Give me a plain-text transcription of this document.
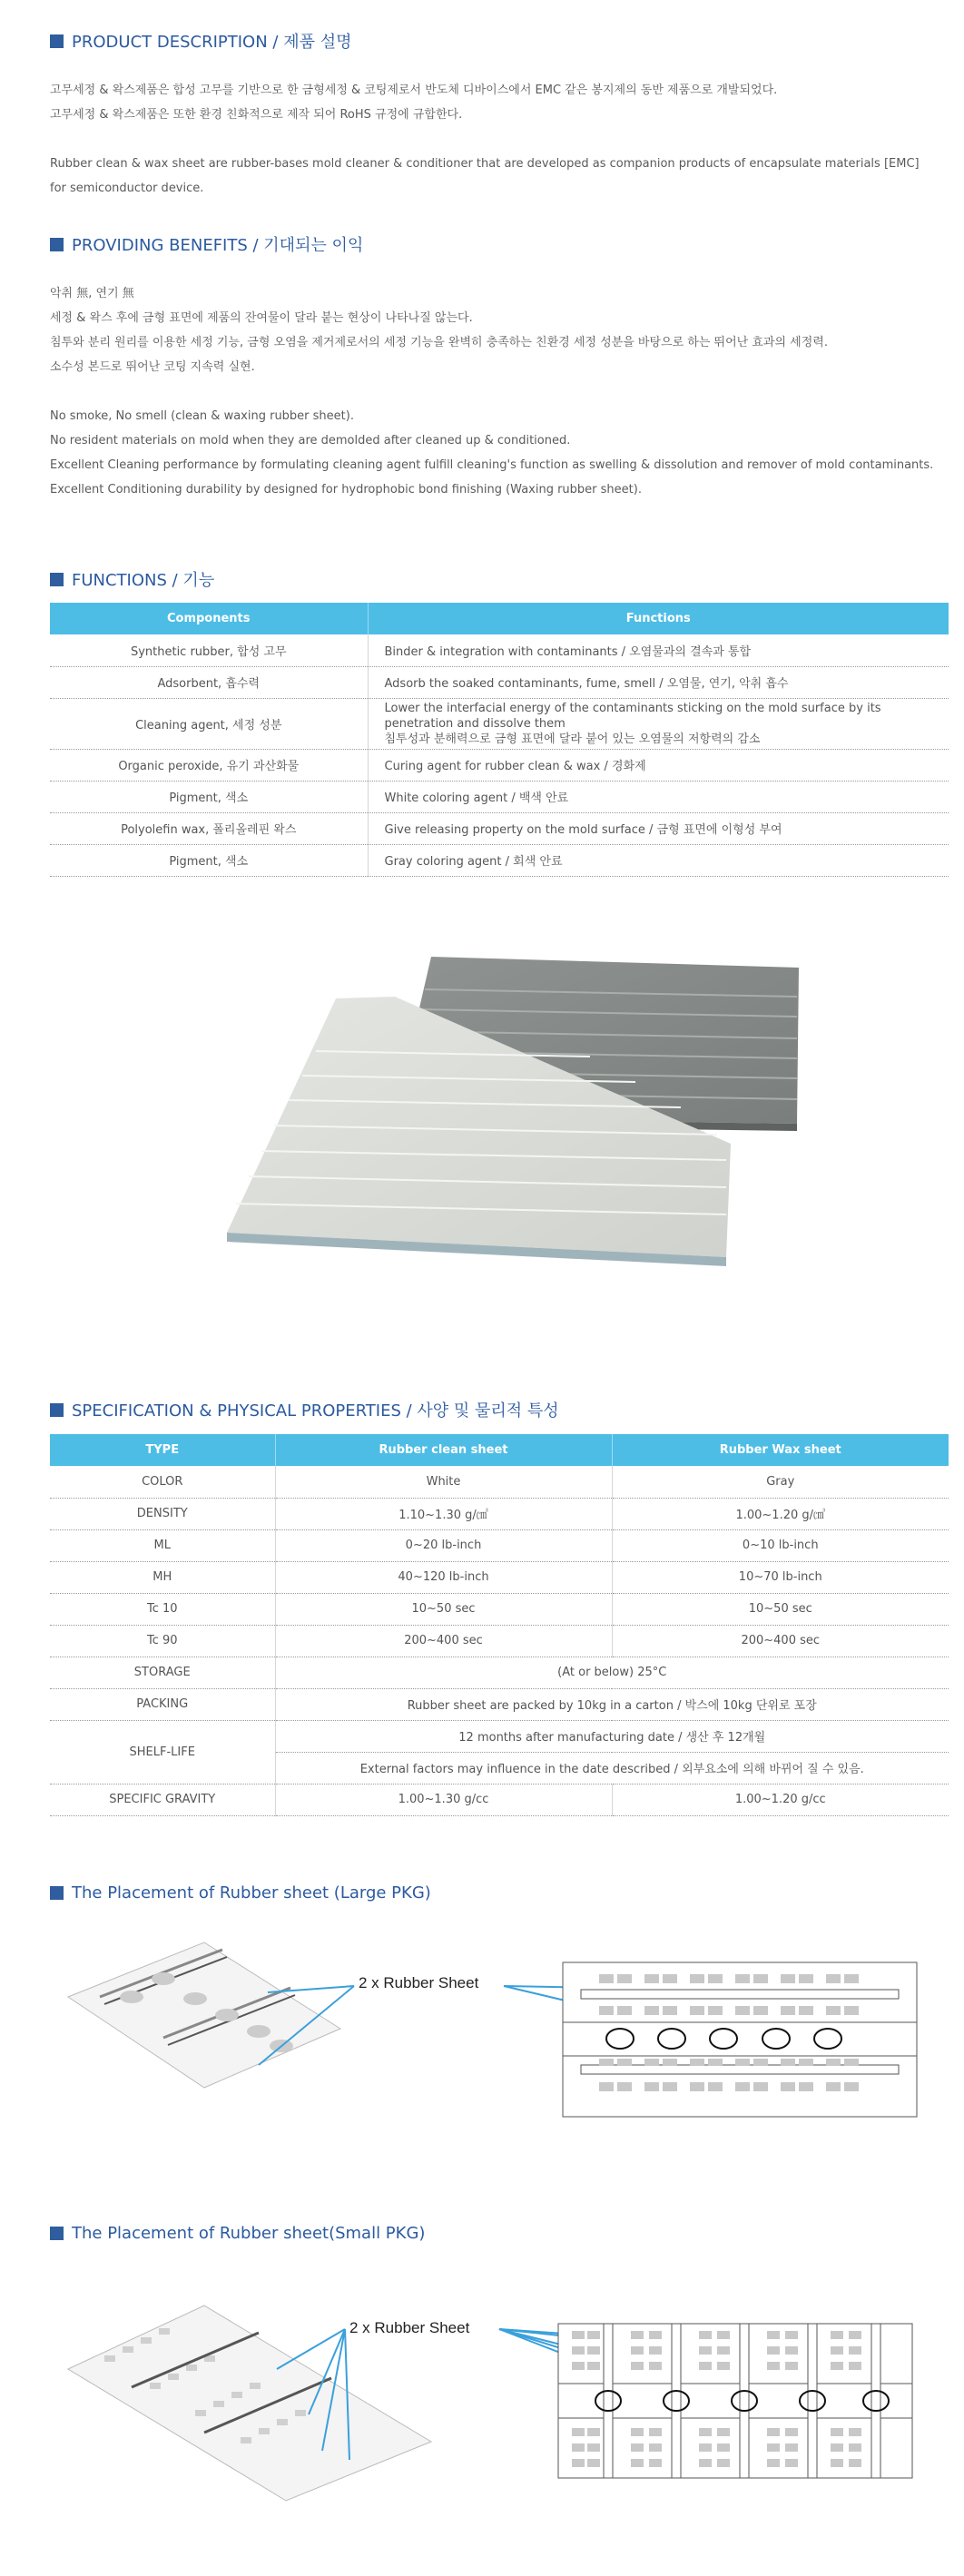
PRODUCT DESCRIPTION / 제품 설명
고무세정 & 왁스제품은 합성 고무를 기반으로 한 금형세정 & 코팅제로서 반도체 디바이스에서 EMC 같은 봉지제의 동반 제품으로 개발되었다.
고무세정 & 왁스제품은 또한 환경 친화적으로 제작 되어 RoHS 규정에 규합한다.
Rubber clean & wax sheet are rubber-bases mold cleaner & conditioner that are developed as companion products of encapsulate materials [EMC]
for semiconductor device.
PROVIDING BENEFITS / 기대되는 이익
악취 無, 연기 無
세정 & 왁스 후에 금형 표면에 제품의 잔여물이 달라 붙는 현상이 나타나질 않는다.
침투와 분리 원리를 이용한 세정 기능, 금형 오염을 제거제로서의 세정 기능을 완벽히 충족하는 친환경 세정 성분을 바탕으로 하는 뛰어난 효과의 세정력.
소수성 본드로 뛰어난 코팅 지속력 실현.
No smoke, No smell (clean & waxing rubber sheet).
No resident materials on mold when they are demolded after cleaned up & conditioned.
Excellent Cleaning performance by formulating cleaning agent fulfill cleaning's function as swelling & dissolution and remover of mold contaminants.
Excellent Conditioning durability by designed for hydrophobic bond finishing (Waxing rubber sheet).
FUNCTIONS / 기능
Components	Functions
Synthetic rubber, 합성 고무	Binder & integration with contaminants / 오염물과의 결속과 통합
Adsorbent, 흡수력	Adsorb the soaked contaminants, fume, smell / 오염물, 연기, 악취 흡수
Cleaning agent, 세정 성분	Lower the interfacial energy of the contaminants sticking on the mold surface by its
penetration and dissolve them
침투성과 분해력으로 금형 표면에 달라 붙어 있는 오염물의 저항력의 감소

Organic peroxide, 유기 과산화물	Curing agent for rubber clean & wax / 경화제
Pigment, 색소	White coloring agent / 백색 안료
Polyolefin wax, 폴리올레핀 왁스	Give releasing property on the mold surface / 금형 표면에 이형성 부여
Pigment, 색소	Gray coloring agent / 회색 안료
SPECIFICATION & PHYSICAL PROPERTIES / 사양 및 물리적 특성
TYPE	Rubber clean sheet	Rubber Wax sheet
COLOR	White	Gray
DENSITY	1.10~1.30 g/㎤	1.00~1.20 g/㎤
ML	0~20 lb-inch	0~10 lb-inch
MH	40~120 lb-inch	10~70 lb-inch
Tc 10	10~50 sec	10~50 sec
Tc 90	200~400 sec	200~400 sec
STORAGE	(At or below) 25°C	
PACKING	Rubber sheet are packed by 10kg in a carton / 박스에 10kg 단위로 포장	
SHELF-LIFE	12 months after manufacturing date / 생산 후 12개월	
	External factors may influence in the date described / 외부요소에 의해 바뀌어 질 수 있음.	
SPECIFIC GRAVITY	1.00~1.30 g/cc	1.00~1.20 g/cc
The Placement of Rubber sheet (Large PKG)
2 x Rubber Sheet
The Placement of Rubber sheet(Small PKG)
2 x Rubber Sheet
